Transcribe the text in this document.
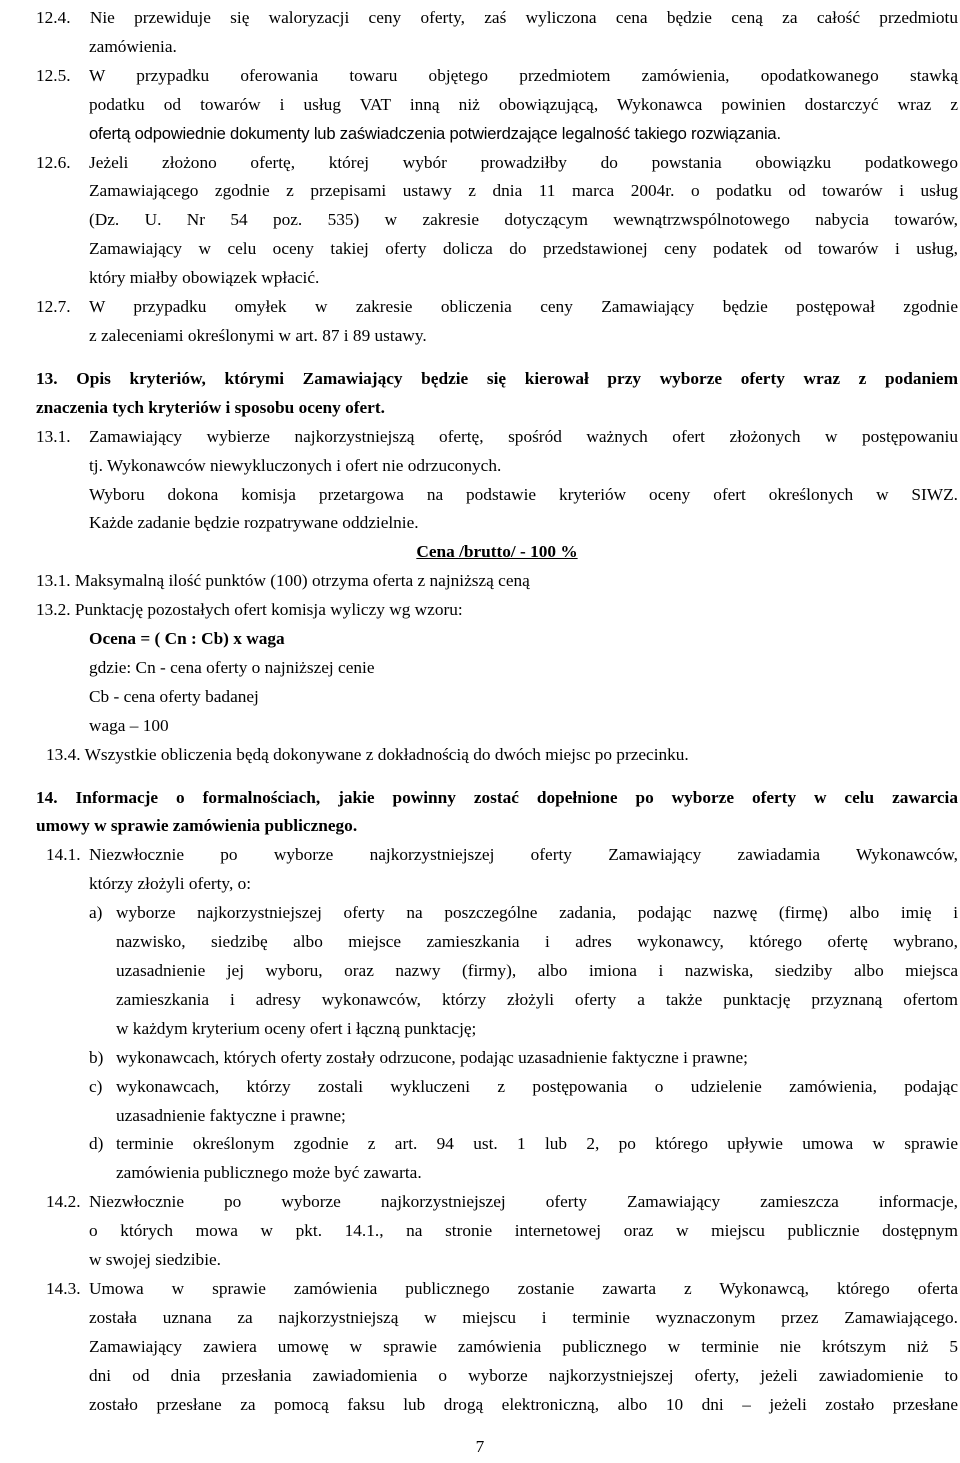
12.4. Nie przewiduje się waloryzacji ceny oferty, zaś wyliczona cena będzie ceną za całość przedmiotu

zamówienia.

12.5. W przypadku oferowania towaru objętego przedmiotem zamówienia, opodatkowanego stawką

podatku od towarów i usług VAT inną niż obowiązującą, Wykonawca powinien dostarczyć wraz z

ofertą odpowiednie dokumenty lub zaświadczenia potwierdzające legalność takiego rozwiązania.

12.6. Jeżeli złożono ofertę, której wybór prowadziłby do powstania obowiązku podatkowego

Zamawiającego zgodnie z przepisami ustawy z dnia 11 marca 2004r. o podatku od towarów i usług

(Dz. U. Nr 54 poz. 535) w zakresie dotyczącym wewnątrzwspólnotowego nabycia towarów,

Zamawiający w celu oceny takiej oferty dolicza do przedstawionej ceny podatek od towarów i usług,

który miałby obowiązek wpłacić.

12.7. W przypadku omyłek w zakresie obliczenia ceny Zamawiający będzie postępował zgodnie

z zaleceniami określonymi w art. 87 i 89 ustawy.

13. Opis kryteriów, którymi Zamawiający będzie się kierował przy wyborze oferty wraz z podaniem

znaczenia tych kryteriów i sposobu oceny ofert.

13.1. Zamawiający wybierze najkorzystniejszą ofertę, spośród ważnych ofert złożonych w postępowaniu

tj. Wykonawców niewykluczonych i ofert nie odrzuconych.

Wyboru dokona komisja przetargowa na podstawie kryteriów oceny ofert określonych w SIWZ.

Każde zadanie będzie rozpatrywane oddzielnie.

Cena /brutto/ - 100 %

13.1. Maksymalną ilość punktów (100) otrzyma oferta z najniższą ceną

13.2. Punktację pozostałych ofert komisja wyliczy wg wzoru:

Ocena = ( Cn : Cb) x waga

gdzie: Cn - cena oferty o najniższej cenie

Cb - cena oferty badanej

waga – 100

13.4. Wszystkie obliczenia będą dokonywane z dokładnością do dwóch miejsc po przecinku.

14. Informacje o formalnościach, jakie powinny zostać dopełnione po wyborze oferty w celu zawarcia

umowy w sprawie zamówienia publicznego.

14.1. Niezwłocznie po wyborze najkorzystniejszej oferty Zamawiający zawiadamia Wykonawców,

którzy złożyli oferty, o:

a) wyborze najkorzystniejszej oferty na poszczególne zadania, podając nazwę (firmę) albo imię i

nazwisko, siedzibę albo miejsce zamieszkania i adres wykonawcy, którego ofertę wybrano,

uzasadnienie jej wyboru, oraz nazwy (firmy), albo imiona i nazwiska, siedziby albo miejsca

zamieszkania i adresy wykonawców, którzy złożyli oferty a także punktację przyznaną ofertom

w każdym kryterium oceny ofert i łączną punktację;

b) wykonawcach, których oferty zostały odrzucone, podając uzasadnienie faktyczne i prawne;

c) wykonawcach, którzy zostali wykluczeni z postępowania o udzielenie zamówienia, podając

uzasadnienie faktyczne i prawne;

d) terminie określonym zgodnie z art. 94 ust. 1 lub 2, po którego upływie umowa w sprawie

zamówienia publicznego może być zawarta.

14.2. Niezwłocznie po wyborze najkorzystniejszej oferty Zamawiający zamieszcza informacje,

o których mowa w pkt. 14.1., na stronie internetowej oraz w miejscu publicznie dostępnym

w swojej siedzibie.

14.3. Umowa w sprawie zamówienia publicznego zostanie zawarta z Wykonawcą, którego oferta

została uznana za najkorzystniejszą w miejscu i terminie wyznaczonym przez Zamawiającego.

Zamawiający zawiera umowę w sprawie zamówienia publicznego w terminie nie krótszym niż 5

dni od dnia przesłania zawiadomienia o wyborze najkorzystniejszej oferty, jeżeli zawiadomienie to

zostało przesłane za pomocą faksu lub drogą elektroniczną, albo 10 dni – jeżeli zostało przesłane

7
